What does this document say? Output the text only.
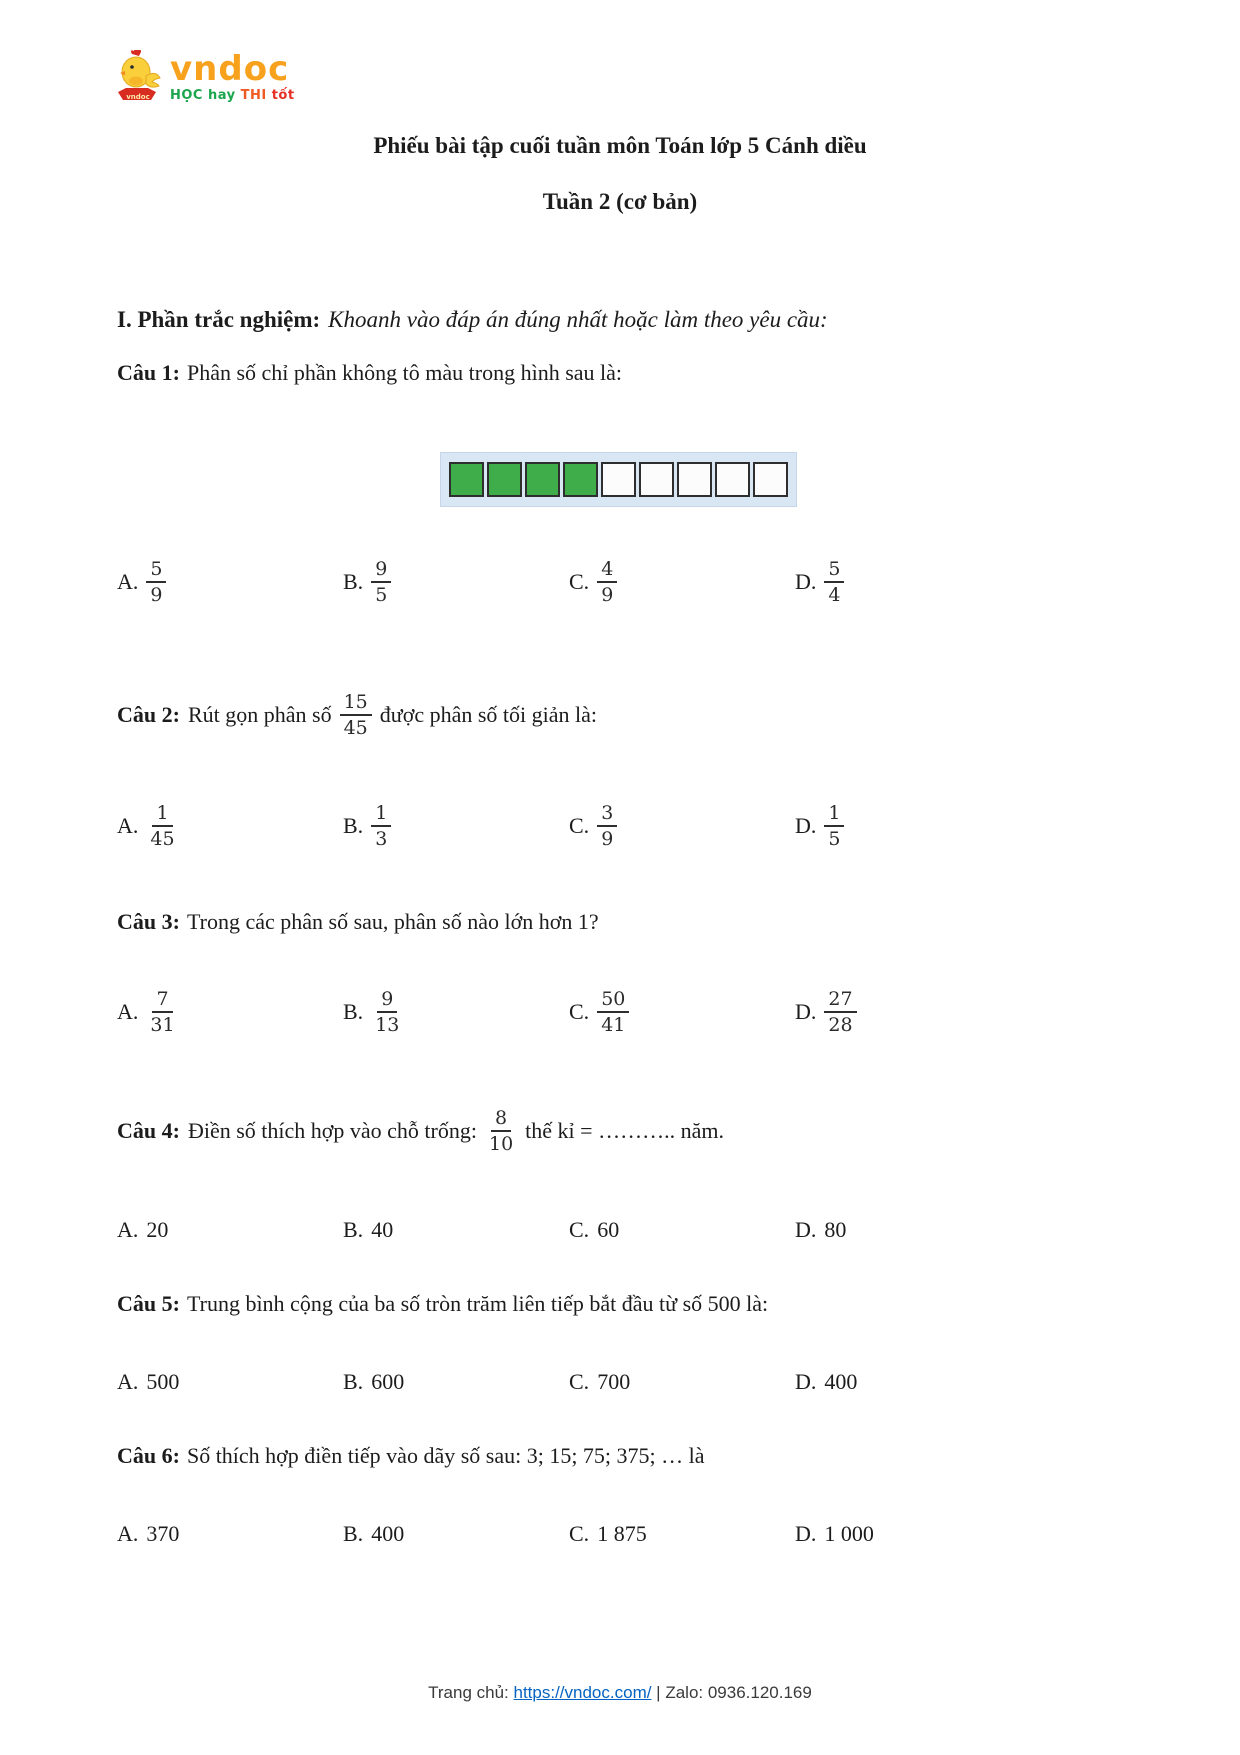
vndoc
vndoc
HỌC hay THI tốt
Phiếu bài tập cuối tuần môn Toán lớp 5 Cánh diều
Tuần 2 (cơ bản)
I. Phần trắc nghiệm: Khoanh vào đáp án đúng nhất hoặc làm theo yêu cầu:
Câu 1: Phân số chỉ phần không tô màu trong hình sau là:
A. $\frac{5}{9}$	B. $\frac{9}{5}$	C. $\frac{4}{9}$	D. $\frac{5}{4}$
Câu 2: Rút gọn phân số $\frac{15}{45}$ được phân số tối giản là:
A. $\frac{1}{45}$	B. $\frac{1}{3}$	C. $\frac{3}{9}$	D. $\frac{1}{5}$
Câu 3: Trong các phân số sau, phân số nào lớn hơn 1?
A. $\frac{7}{31}$	B. $\frac{9}{13}$	C. $\frac{50}{41}$	D. $\frac{27}{28}$
Câu 4: Điền số thích hợp vào chỗ trống: $\frac{8}{10}$ thế kỉ = ……….. năm.
A. 20	B. 40	C. 60	D. 80
Câu 5: Trung bình cộng của ba số tròn trăm liên tiếp bắt đầu từ số 500 là:
A. 500	B. 600	C. 700	D. 400
Câu 6: Số thích hợp điền tiếp vào dãy số sau: 3; 15; 75; 375; … là
A. 370	B. 400	C. 1 875	D. 1 000
Trang chủ: https://vndoc.com/ | Zalo: 0936.120.169
